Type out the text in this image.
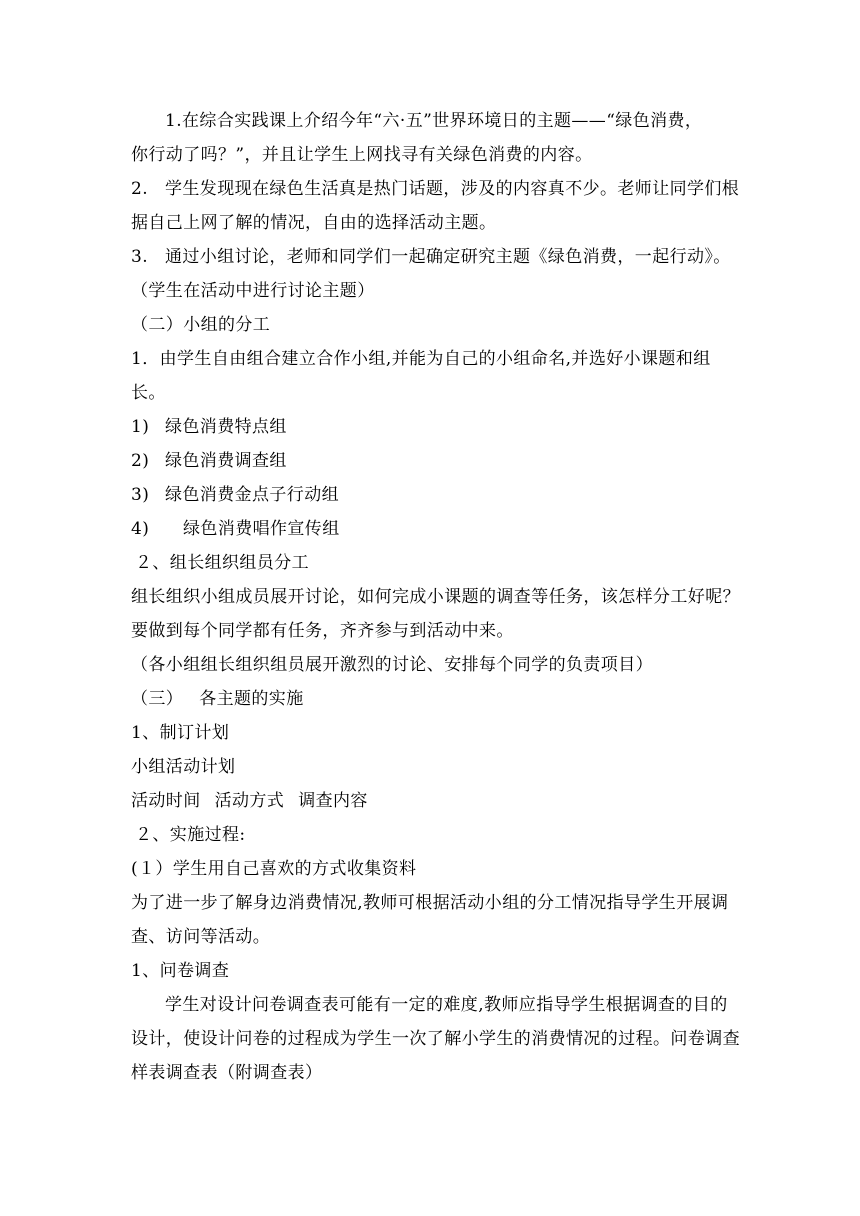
1.在综合实践课上介绍今年“六·五”世界环境日的主题——“绿色消费，
你行动了吗？”，并且让学生上网找寻有关绿色消费的内容。
2. 学生发现现在绿色生活真是热门话题，涉及的内容真不少。老师让同学们根
据自己上网了解的情况，自由的选择活动主题。
3. 通过小组讨论，老师和同学们一起确定研究主题《绿色消费，一起行动》。
（学生在活动中进行讨论主题）
（二）小组的分工
1．由学生自由组合建立合作小组,并能为自己的小组命名,并选好小课题和组
长。
1) 绿色消费特点组
2) 绿色消费调查组
3) 绿色消费金点子行动组
4) 绿色消费唱作宣传组
２、组长组织组员分工
组长组织小组成员展开讨论，如何完成小课题的调查等任务，该怎样分工好呢？
要做到每个同学都有任务，齐齐参与到活动中来。
（各小组组长组织组员展开激烈的讨论、安排每个同学的负责项目）
（三） 各主题的实施
1、制订计划
小组活动计划
活动时间 活动方式 调查内容
２、实施过程:
(１）学生用自己喜欢的方式收集资料
为了进一步了解身边消费情况,教师可根据活动小组的分工情况指导学生开展调
查、访问等活动。
1、问卷调查
学生对设计问卷调查表可能有一定的难度,教师应指导学生根据调查的目的
设计，使设计问卷的过程成为学生一次了解小学生的消费情况的过程。问卷调查
样表调查表（附调查表）
